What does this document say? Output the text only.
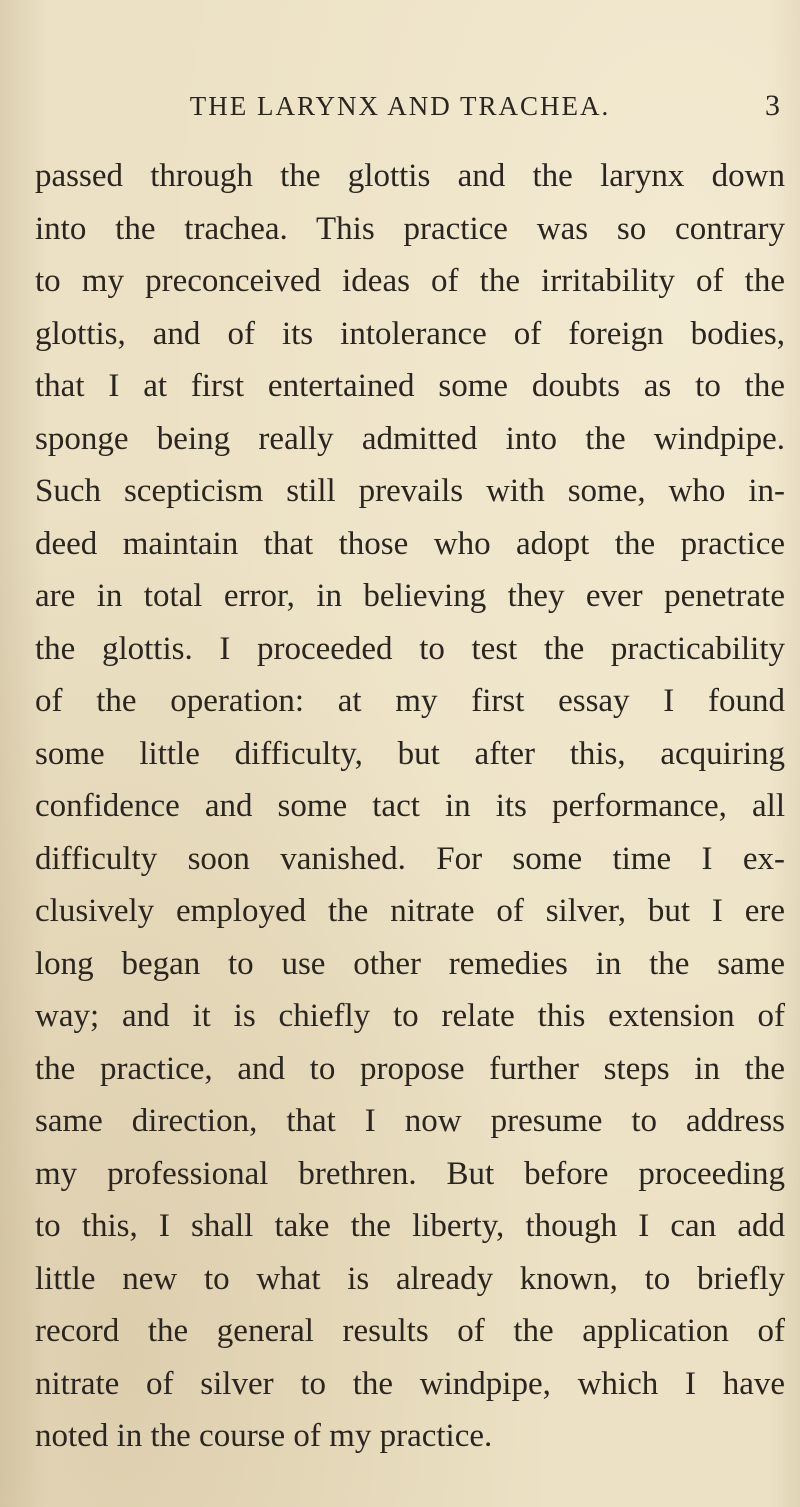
THE LARYNX AND TRACHEA.	3
passed through the glottis and the larynx down
into the trachea. This practice was so contrary
to my preconceived ideas of the irritability of the
glottis, and of its intolerance of foreign bodies,
that I at first entertained some doubts as to the
sponge being really admitted into the windpipe.
Such scepticism still prevails with some, who in-
deed maintain that those who adopt the practice
are in total error, in believing they ever penetrate
the glottis. I proceeded to test the practicability
of the operation: at my first essay I found
some little difficulty, but after this, acquiring
confidence and some tact in its performance, all
difficulty soon vanished. For some time I ex-
clusively employed the nitrate of silver, but I ere
long began to use other remedies in the same
way; and it is chiefly to relate this extension of
the practice, and to propose further steps in the
same direction, that I now presume to address
my professional brethren. But before proceeding
to this, I shall take the liberty, though I can add
little new to what is already known, to briefly
record the general results of the application of
nitrate of silver to the windpipe, which I have
noted in the course of my practice.
